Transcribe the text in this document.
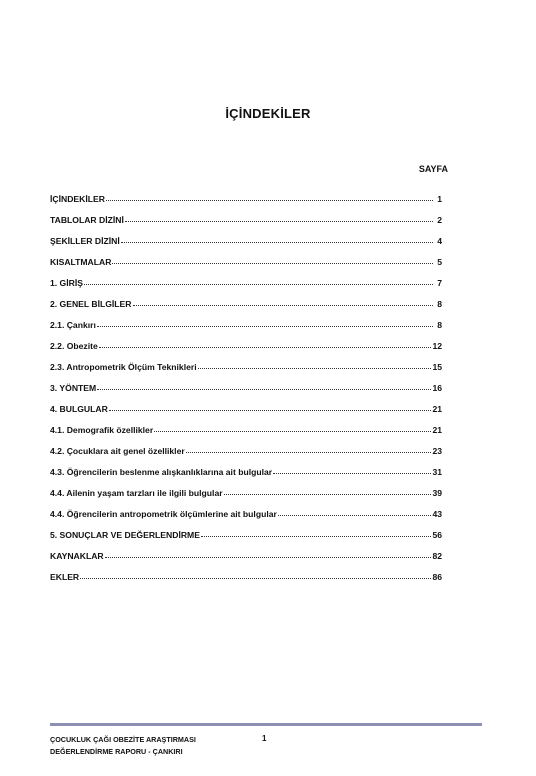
İÇİNDEKİLER
SAYFA
İÇİNDEKİLER	1
TABLOLAR DİZİNİ	2
ŞEKİLLER DİZİNİ	4
KISALTMALAR	5
1. GİRİŞ	7
2. GENEL BİLGİLER	8
2.1. Çankırı	8
2.2. Obezite	12
2.3. Antropometrik Ölçüm Teknikleri	15
3. YÖNTEM	16
4. BULGULAR	21
4.1. Demografik özellikler	21
4.2. Çocuklara ait genel özellikler	23
4.3. Öğrencilerin beslenme alışkanlıklarına ait bulgular	31
4.4. Ailenin yaşam tarzları ile ilgili bulgular	39
4.4. Öğrencilerin antropometrik ölçümlerine ait bulgular	43
5. SONUÇLAR VE DEĞERLENDİRME	56
KAYNAKLAR	82
EKLER	86
ÇOCUKLUK ÇAĞI OBEZİTE ARAŞTIRMASI
DEĞERLENDİRME RAPORU - ÇANKIRI
1
